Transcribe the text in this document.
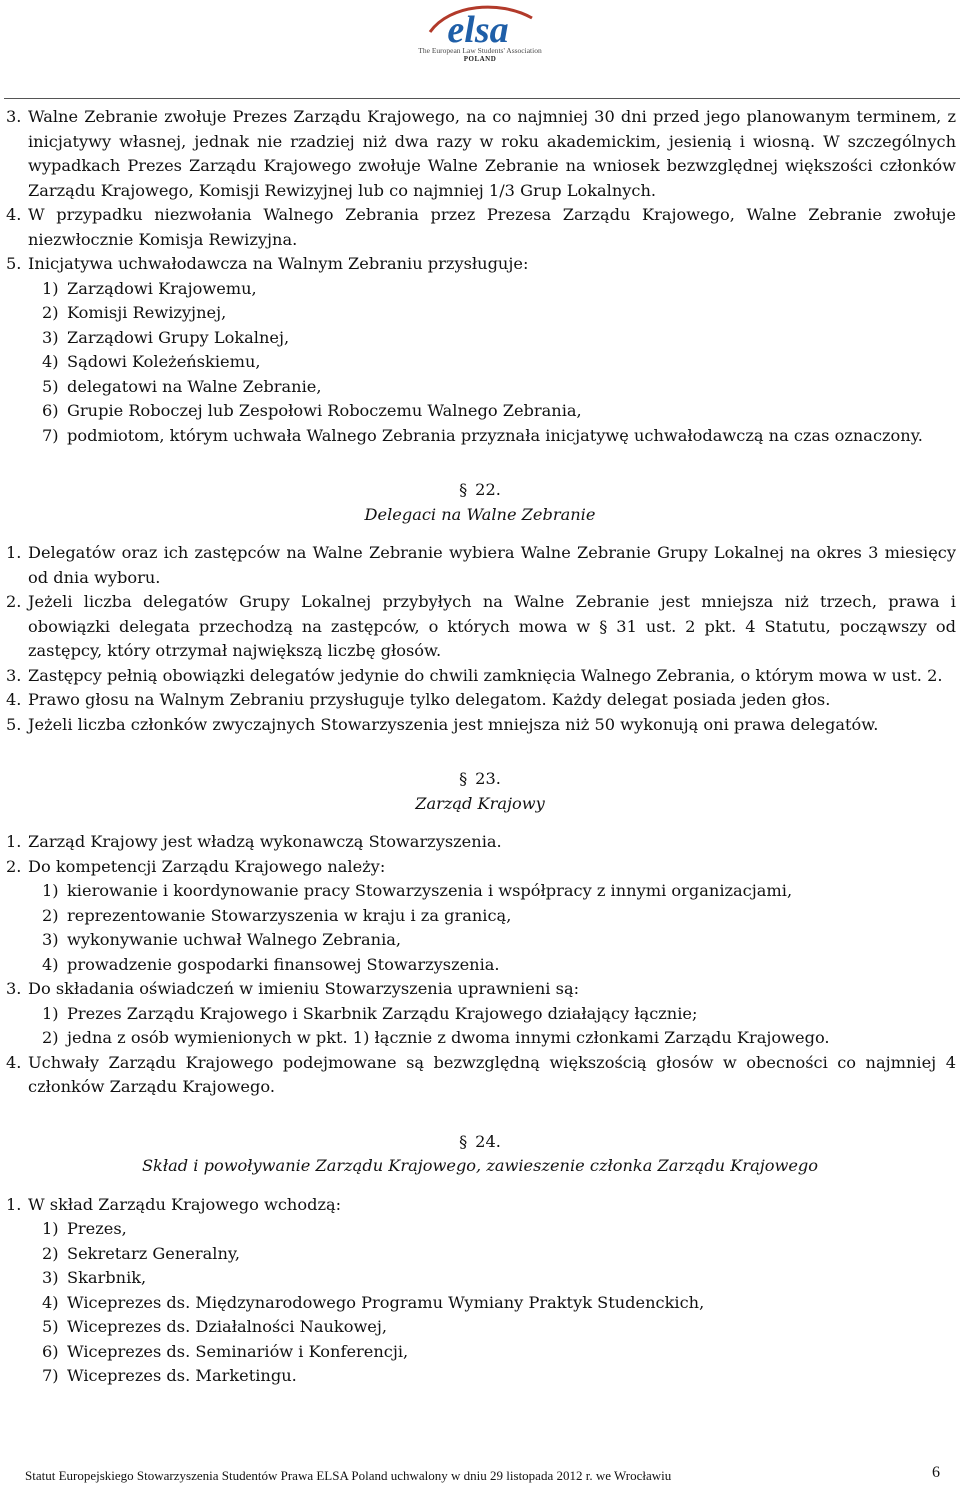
elsa
The European Law Students' Association
POLAND
3. Walne Zebranie zwołuje Prezes Zarządu Krajowego, na co najmniej 30 dni przed jego planowanym terminem, z inicjatywy własnej, jednak nie rzadziej niż dwa razy w roku akademickim, jesienią i wiosną. W szczególnych wypadkach Prezes Zarządu Krajowego zwołuje Walne Zebranie na wniosek bezwzględnej większości członków Zarządu Krajowego, Komisji Rewizyjnej lub co najmniej 1/3 Grup Lokalnych.
4. W przypadku niezwołania Walnego Zebrania przez Prezesa Zarządu Krajowego, Walne Zebranie zwołuje niezwłocznie Komisja Rewizyjna.
5. Inicjatywa uchwałodawcza na Walnym Zebraniu przysługuje:
1) Zarządowi Krajowemu,
2) Komisji Rewizyjnej,
3) Zarządowi Grupy Lokalnej,
4) Sądowi Koleżeńskiemu,
5) delegatowi na Walne Zebranie,
6) Grupie Roboczej lub Zespołowi Roboczemu Walnego Zebrania,
7) podmiotom, którym uchwała Walnego Zebrania przyznała inicjatywę uchwałodawczą na czas oznaczony.
§ 22.
Delegaci na Walne Zebranie
1. Delegatów oraz ich zastępców na Walne Zebranie wybiera Walne Zebranie Grupy Lokalnej na okres 3 miesięcy od dnia wyboru.
2. Jeżeli liczba delegatów Grupy Lokalnej przybyłych na Walne Zebranie jest mniejsza niż trzech, prawa i obowiązki delegata przechodzą na zastępców, o których mowa w § 31 ust. 2 pkt. 4 Statutu, począwszy od zastępcy, który otrzymał największą liczbę głosów.
3. Zastępcy pełnią obowiązki delegatów jedynie do chwili zamknięcia Walnego Zebrania, o którym mowa w ust. 2.
4. Prawo głosu na Walnym Zebraniu przysługuje tylko delegatom. Każdy delegat posiada jeden głos.
5. Jeżeli liczba członków zwyczajnych Stowarzyszenia jest mniejsza niż 50 wykonują oni prawa delegatów.
§ 23.
Zarząd Krajowy
1. Zarząd Krajowy jest władzą wykonawczą Stowarzyszenia.
2. Do kompetencji Zarządu Krajowego należy:
1) kierowanie i koordynowanie pracy Stowarzyszenia i współpracy z innymi organizacjami,
2) reprezentowanie Stowarzyszenia w kraju i za granicą,
3) wykonywanie uchwał Walnego Zebrania,
4) prowadzenie gospodarki finansowej Stowarzyszenia.
3. Do składania oświadczeń w imieniu Stowarzyszenia uprawnieni są:
1) Prezes Zarządu Krajowego i Skarbnik Zarządu Krajowego działający łącznie;
2) jedna z osób wymienionych w pkt. 1) łącznie z dwoma innymi członkami Zarządu Krajowego.
4. Uchwały Zarządu Krajowego podejmowane są bezwzględną większością głosów w obecności co najmniej 4 członków Zarządu Krajowego.
§ 24.
Skład i powoływanie Zarządu Krajowego, zawieszenie członka Zarządu Krajowego
1. W skład Zarządu Krajowego wchodzą:
1) Prezes,
2) Sekretarz Generalny,
3) Skarbnik,
4) Wiceprezes ds. Międzynarodowego Programu Wymiany Praktyk Studenckich,
5) Wiceprezes ds. Działalności Naukowej,
6) Wiceprezes ds. Seminariów i Konferencji,
7) Wiceprezes ds. Marketingu.
Statut Europejskiego Stowarzyszenia Studentów Prawa ELSA Poland uchwalony w dniu 29 listopada 2012 r. we Wrocławiu	6
